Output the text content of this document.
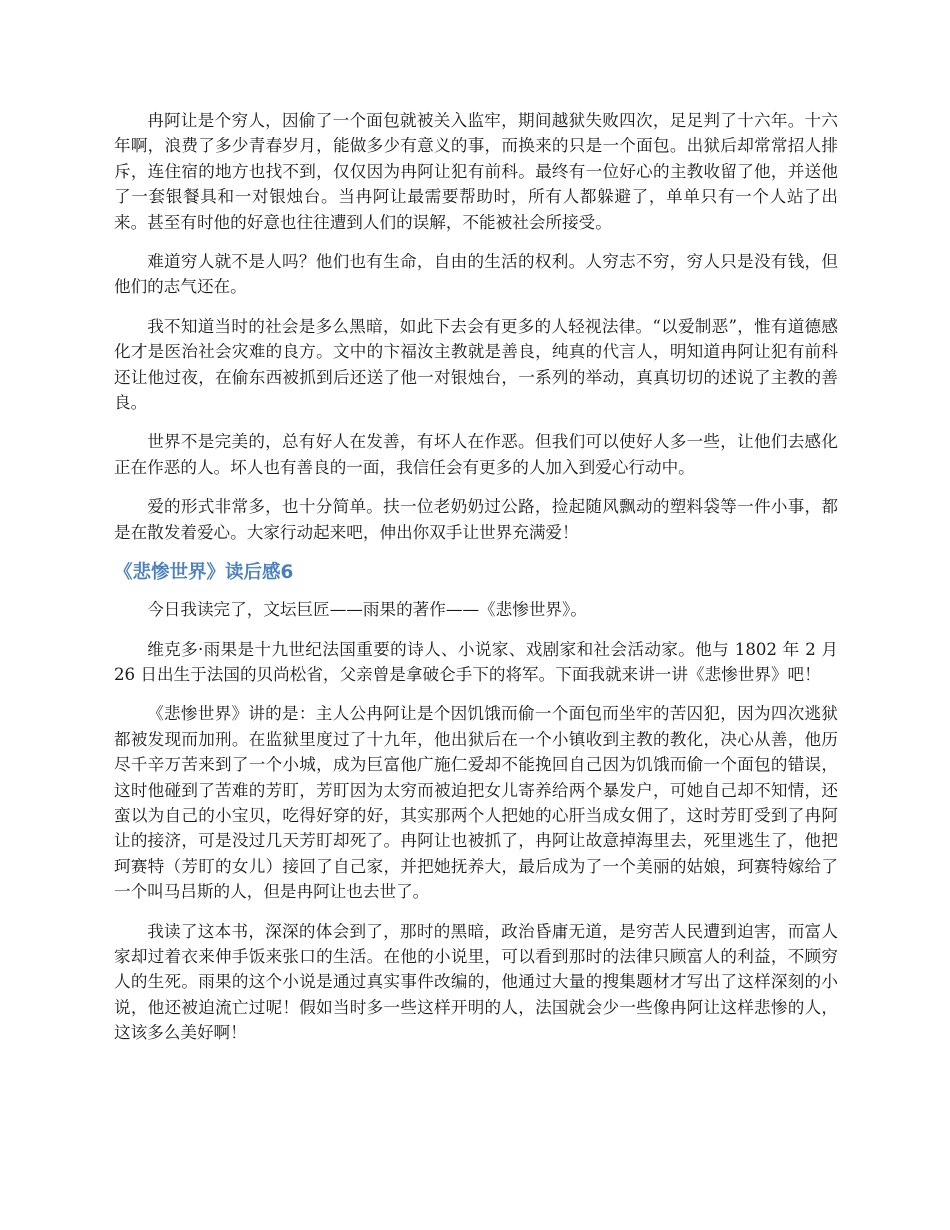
冉阿让是个穷人，因偷了一个面包就被关入监牢，期间越狱失败四次，足足判了十六年。十六年啊，浪费了多少青春岁月，能做多少有意义的事，而换来的只是一个面包。出狱后却常常招人排斥，连住宿的地方也找不到，仅仅因为冉阿让犯有前科。最终有一位好心的主教收留了他，并送他了一套银餐具和一对银烛台。当冉阿让最需要帮助时，所有人都躲避了，单单只有一个人站了出来。甚至有时他的好意也往往遭到人们的误解，不能被社会所接受。

难道穷人就不是人吗？他们也有生命，自由的生活的权利。人穷志不穷，穷人只是没有钱，但他们的志气还在。

我不知道当时的社会是多么黑暗，如此下去会有更多的人轻视法律。“以爱制恶”，惟有道德感化才是医治社会灾难的良方。文中的卞福汝主教就是善良，纯真的代言人，明知道冉阿让犯有前科还让他过夜，在偷东西被抓到后还送了他一对银烛台，一系列的举动，真真切切的述说了主教的善良。

世界不是完美的，总有好人在发善，有坏人在作恶。但我们可以使好人多一些，让他们去感化正在作恶的人。坏人也有善良的一面，我信任会有更多的人加入到爱心行动中。

爱的形式非常多，也十分简单。扶一位老奶奶过公路，捡起随风飘动的塑料袋等一件小事，都是在散发着爱心。大家行动起来吧，伸出你双手让世界充满爱！

《悲惨世界》读后感6

今日我读完了，文坛巨匠——雨果的著作——《悲惨世界》。

维克多·雨果是十九世纪法国重要的诗人、小说家、戏剧家和社会活动家。他与 1802 年 2 月 26 日出生于法国的贝尚松省，父亲曾是拿破仑手下的将军。下面我就来讲一讲《悲惨世界》吧！

《悲惨世界》讲的是：主人公冉阿让是个因饥饿而偷一个面包而坐牢的苦囚犯，因为四次逃狱都被发现而加刑。在监狱里度过了十九年，他出狱后在一个小镇收到主教的教化，决心从善，他历尽千辛万苦来到了一个小城，成为巨富他广施仁爱却不能挽回自己因为饥饿而偷一个面包的错误，这时他碰到了苦难的芳盯，芳盯因为太穷而被迫把女儿寄养给两个暴发户，可她自己却不知情，还蛮以为自己的小宝贝，吃得好穿的好，其实那两个人把她的心肝当成女佣了，这时芳盯受到了冉阿让的接济，可是没过几天芳盯却死了。冉阿让也被抓了，冉阿让故意掉海里去，死里逃生了，他把珂赛特（芳盯的女儿）接回了自己家，并把她抚养大，最后成为了一个美丽的姑娘，珂赛特嫁给了一个叫马吕斯的人，但是冉阿让也去世了。

我读了这本书，深深的体会到了，那时的黑暗，政治昏庸无道，是穷苦人民遭到迫害，而富人家却过着衣来伸手饭来张口的生活。在他的小说里，可以看到那时的法律只顾富人的利益，不顾穷人的生死。雨果的这个小说是通过真实事件改编的，他通过大量的搜集题材才写出了这样深刻的小说，他还被迫流亡过呢！假如当时多一些这样开明的人，法国就会少一些像冉阿让这样悲惨的人，这该多么美好啊！
